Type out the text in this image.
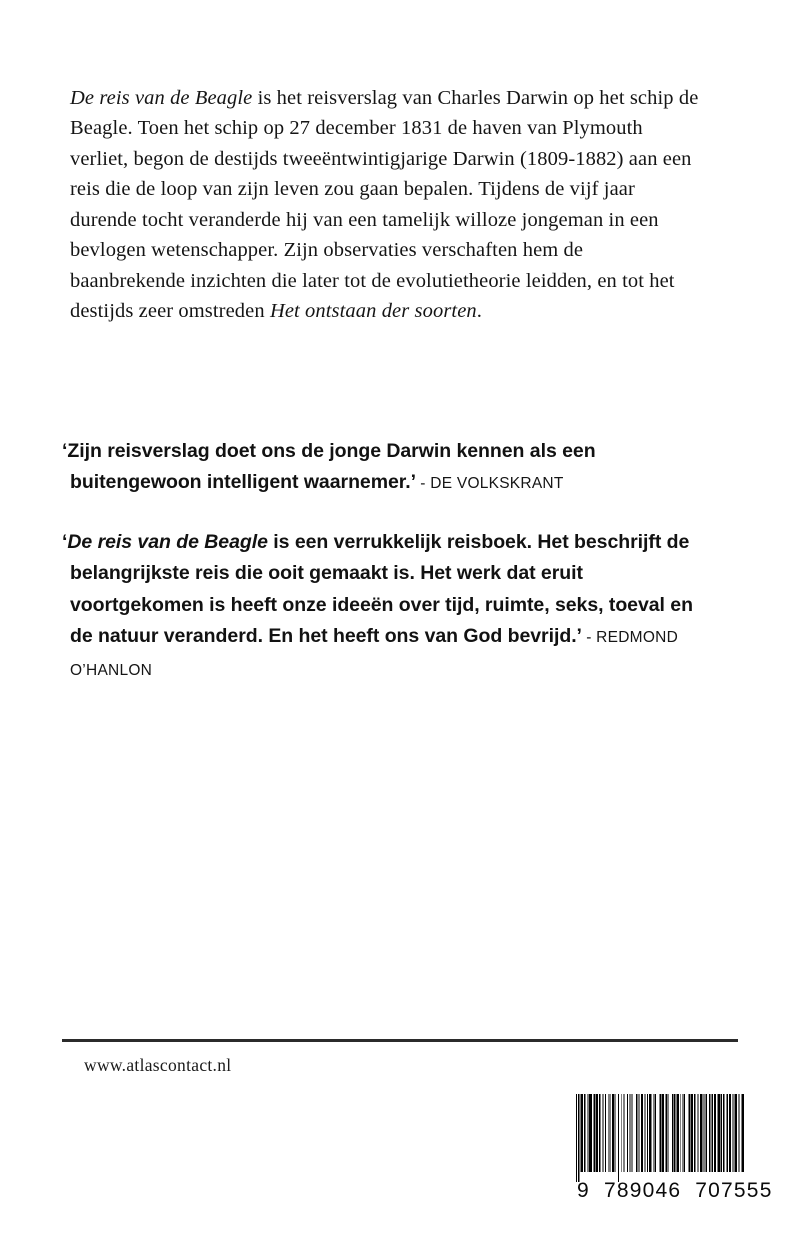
De reis van de Beagle is het reisverslag van Charles Darwin op het schip de Beagle. Toen het schip op 27 december 1831 de haven van Plymouth verliet, begon de destijds tweeëntwintigjarige Darwin (1809-1882) aan een reis die de loop van zijn leven zou gaan bepalen. Tijdens de vijf jaar durende tocht veranderde hij van een tamelijk willoze jongeman in een bevlogen wetenschapper. Zijn observaties verschaften hem de baanbrekende inzichten die later tot de evolutietheorie leidden, en tot het destijds zeer omstreden Het ontstaan der soorten.

‘Zijn reisverslag doet ons de jonge Darwin kennen als een buitengewoon intelligent waarnemer.’ - DE VOLKSKRANT

‘De reis van de Beagle is een verrukkelijk reisboek. Het beschrijft de belangrijkste reis die ooit gemaakt is. Het werk dat eruit voortgekomen is heeft onze ideeën over tijd, ruimte, seks, toeval en de natuur veranderd. En het heeft ons van God bevrijd.’ - REDMOND O’HANLON

www.atlascontact.nl
9  789046  707555
